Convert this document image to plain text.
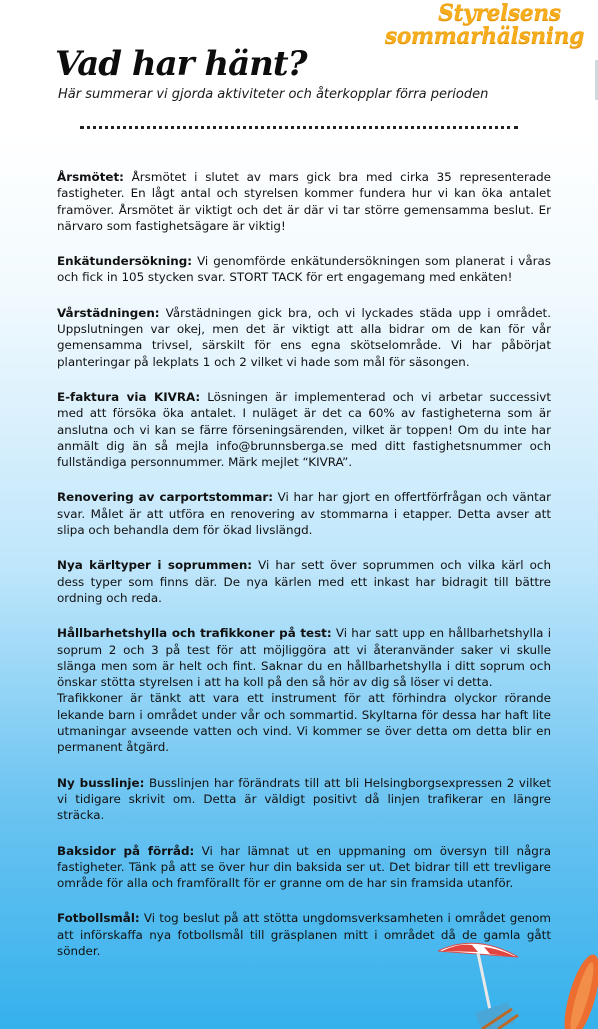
Styrelsens
sommarhälsning
Vad har hänt?

Här summerar vi gjorda aktiviteter och återkopplar förra perioden

Årsmötet: Årsmötet i slutet av mars gick bra med cirka 35 representerade fastigheter. En lågt antal och styrelsen kommer fundera hur vi kan öka antalet framöver. Årsmötet är viktigt och det är där vi tar större gemensamma beslut. Er närvaro som fastighetsägare är viktig!

Enkätundersökning: Vi genomförde enkätundersökningen som planerat i våras och fick in 105 stycken svar. STORT TACK för ert engagemang med enkäten!

Vårstädningen: Vårstädningen gick bra, och vi lyckades städa upp i området. Uppslutningen var okej, men det är viktigt att alla bidrar om de kan för vår gemensamma trivsel, särskilt för ens egna skötselområde. Vi har påbörjat planteringar på lekplats 1 och 2 vilket vi hade som mål för säsongen.

E-faktura via KIVRA: Lösningen är implementerad och vi arbetar successivt med att försöka öka antalet. I nuläget är det ca 60% av fastigheterna som är anslutna och vi kan se färre förseningsärenden, vilket är toppen! Om du inte har anmält dig än så mejla info@brunnsberga.se med ditt fastighetsnummer och fullständiga personnummer. Märk mejlet “KIVRA”.

Renovering av carportstommar: Vi har har gjort en offertförfrågan och väntar svar. Målet är att utföra en renovering av stommarna i etapper. Detta avser att slipa och behandla dem för ökad livslängd.

Nya kärltyper i soprummen: Vi har sett över soprummen och vilka kärl och dess typer som finns där. De nya kärlen med ett inkast har bidragit till bättre ordning och reda.

Hållbarhetshylla och trafikkoner på test: Vi har satt upp en hållbarhetshylla i soprum 2 och 3 på test för att möjliggöra att vi återanvänder saker vi skulle slänga men som är helt och fint. Saknar du en hållbarhetshylla i ditt soprum och önskar stötta styrelsen i att ha koll på den så hör av dig så löser vi detta.
Trafikkoner är tänkt att vara ett instrument för att förhindra olyckor rörande lekande barn i området under vår och sommartid. Skyltarna för dessa har haft lite utmaningar avseende vatten och vind. Vi kommer se över detta om detta blir en permanent åtgärd.

Ny busslinje: Busslinjen har förändrats till att bli Helsingborgsexpressen 2 vilket vi tidigare skrivit om. Detta är väldigt positivt då linjen trafikerar en längre sträcka.

Baksidor på förråd: Vi har lämnat ut en uppmaning om översyn till några fastigheter. Tänk på att se över hur din baksida ser ut. Det bidrar till ett trevligare område för alla och framförallt för er granne om de har sin framsida utanför.

Fotbollsmål: Vi tog beslut på att stötta ungdomsverksamheten i området genom att införskaffa nya fotbollsmål till gräsplanen mitt i området då de gamla gått sönder.
